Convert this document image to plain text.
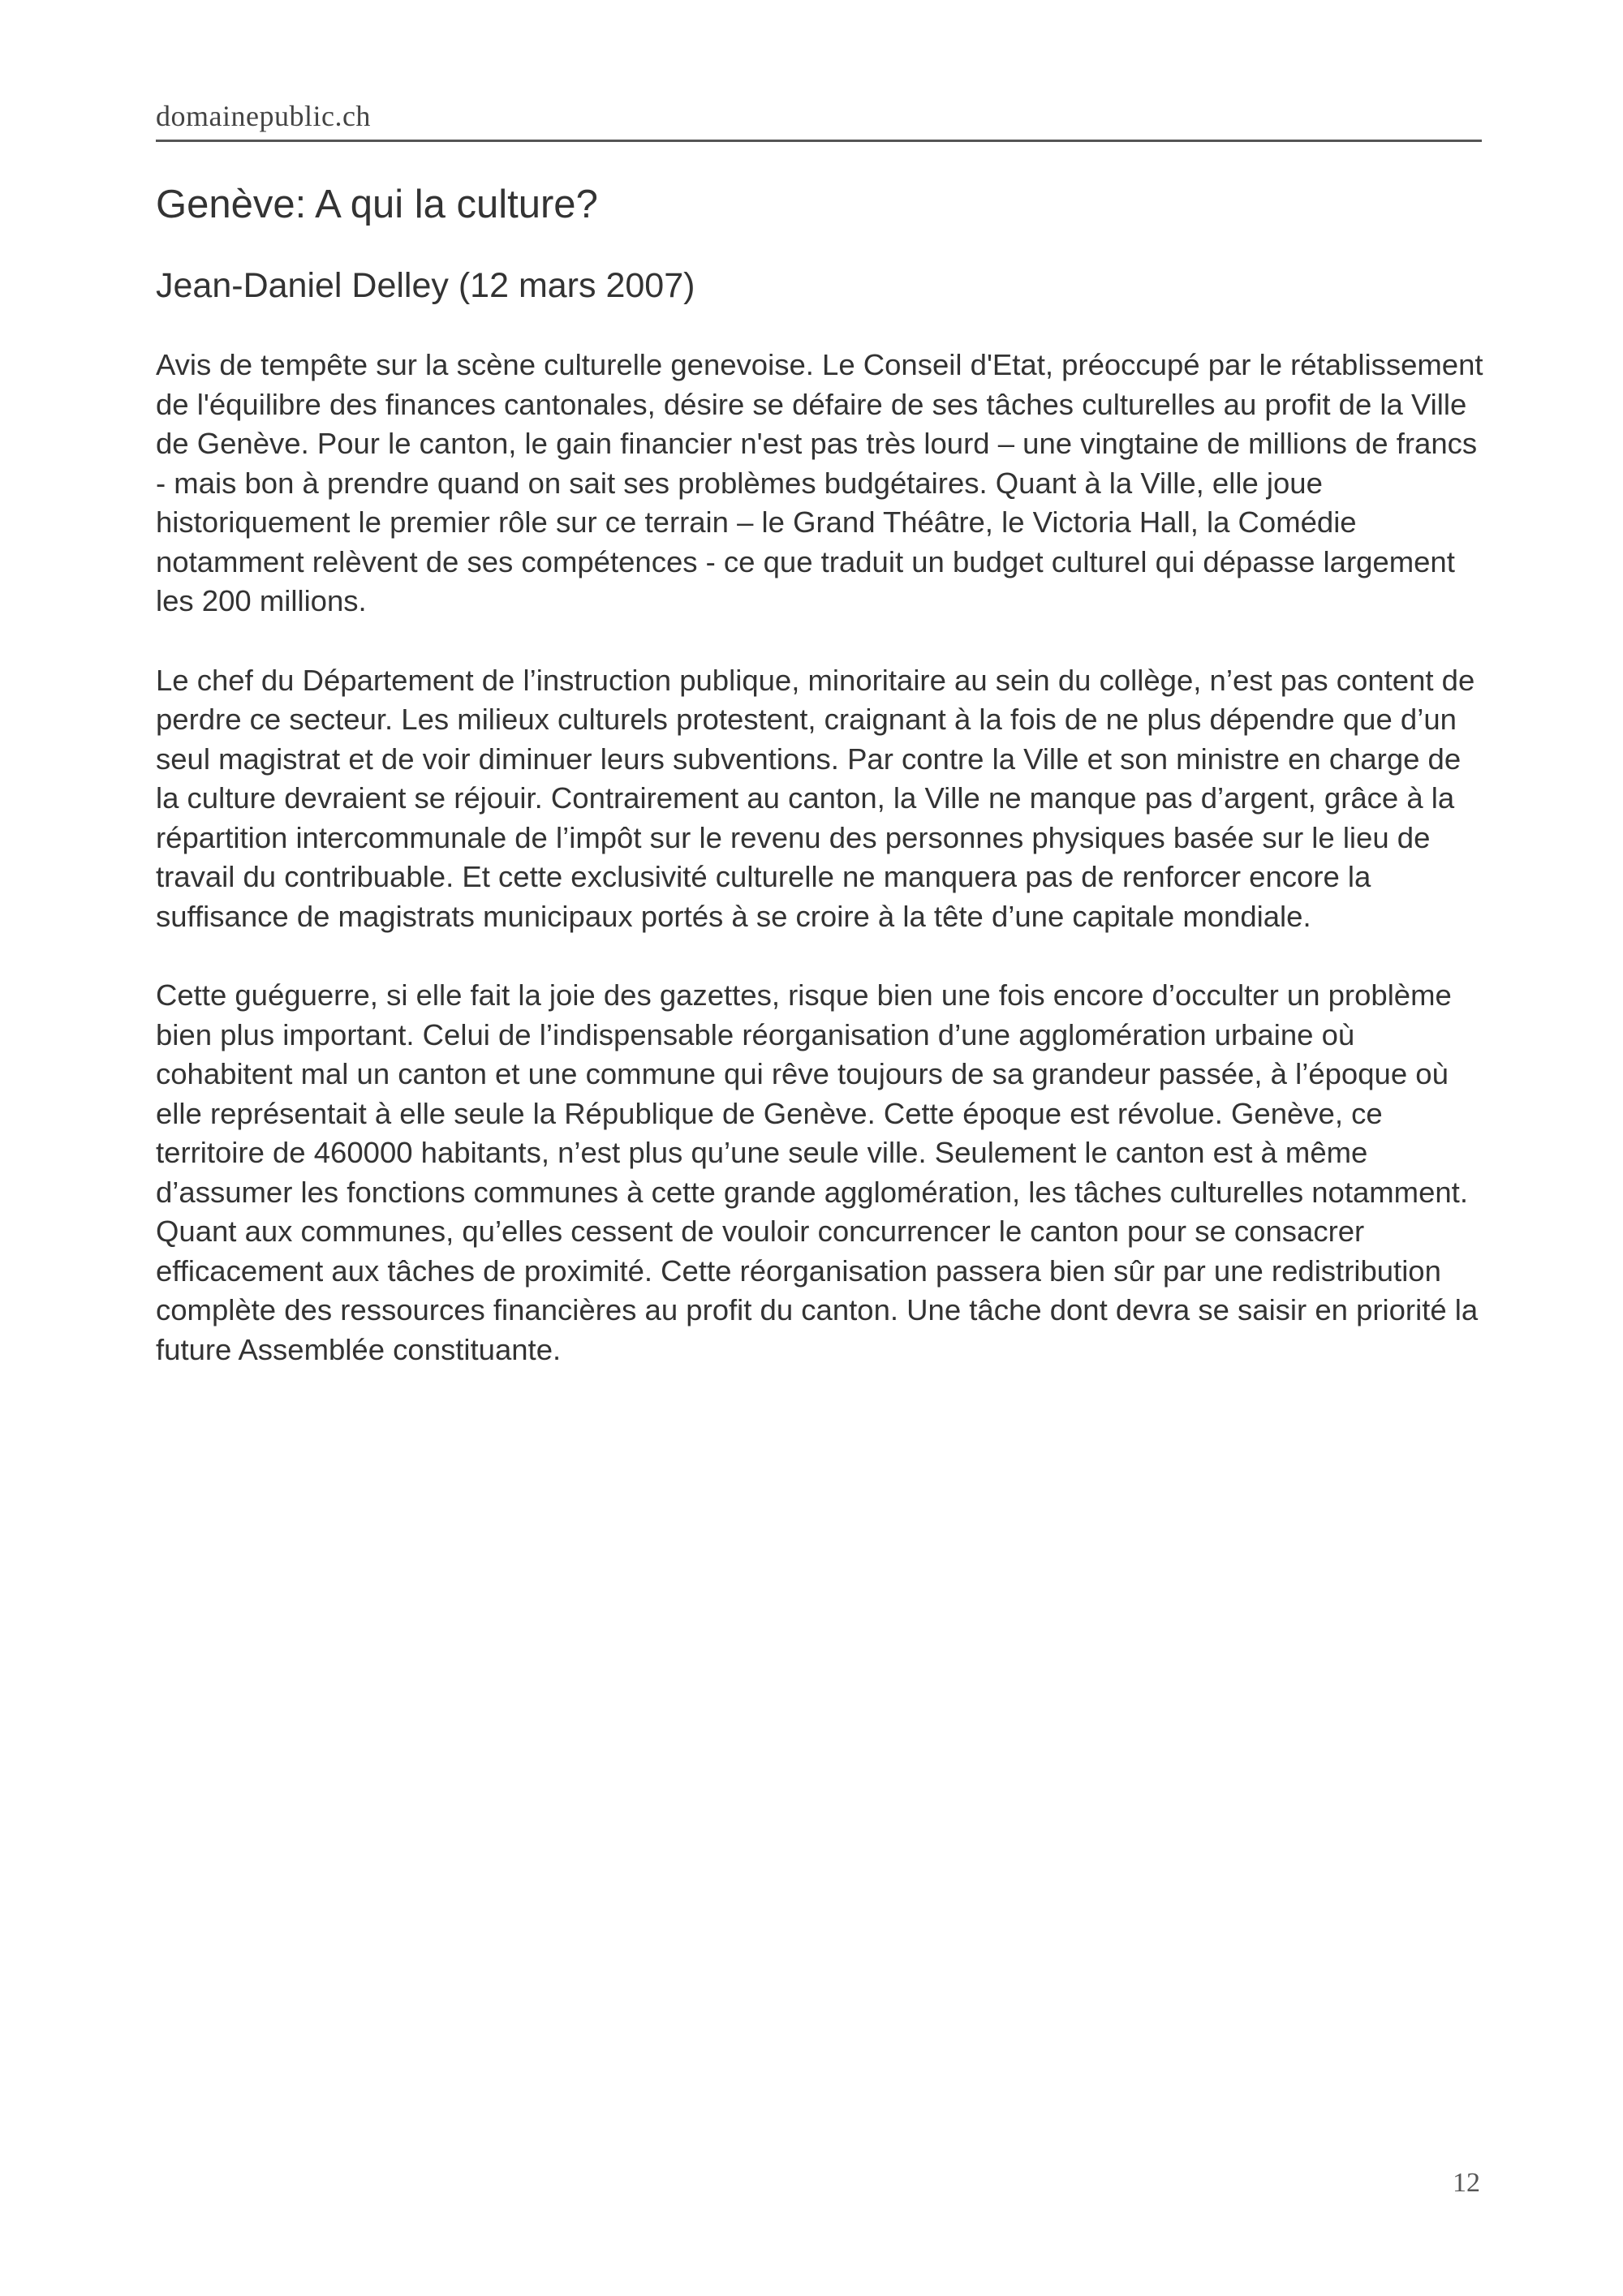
domainepublic.ch
Genève: A qui la culture?

Jean-Daniel Delley (12 mars 2007)

Avis de tempête sur la scène culturelle genevoise. Le Conseil d'Etat, préoccupé par le rétablissement de l'équilibre des finances cantonales, désire se défaire de ses tâches culturelles au profit de la Ville de Genève. Pour le canton, le gain financier n'est pas très lourd – une vingtaine de millions de francs - mais bon à prendre quand on sait ses problèmes budgétaires. Quant à la Ville, elle joue historiquement le premier rôle sur ce terrain – le Grand Théâtre, le Victoria Hall, la Comédie notamment relèvent de ses compétences - ce que traduit un budget culturel qui dépasse largement les 200 millions.

Le chef du Département de l’instruction publique, minoritaire au sein du collège, n’est pas content de perdre ce secteur. Les milieux culturels protestent, craignant à la fois de ne plus dépendre que d’un seul magistrat et de voir diminuer leurs subventions. Par contre la Ville et son ministre en charge de la culture devraient se réjouir. Contrairement au canton, la Ville ne manque pas d’argent, grâce à la répartition intercommunale de l’impôt sur le revenu des personnes physiques basée sur le lieu de travail du contribuable. Et cette exclusivité culturelle ne manquera pas de renforcer encore la suffisance de magistrats municipaux portés à se croire à la tête d’une capitale mondiale.

Cette guéguerre, si elle fait la joie des gazettes, risque bien une fois encore d’occulter un problème bien plus important. Celui de l’indispensable réorganisation d’une agglomération urbaine où cohabitent mal un canton et une commune qui rêve toujours de sa grandeur passée, à l’époque où elle représentait à elle seule la République de Genève. Cette époque est révolue. Genève, ce territoire de 460000 habitants, n’est plus qu’une seule ville. Seulement le canton est à même d’assumer les fonctions communes à cette grande agglomération, les tâches culturelles notamment. Quant aux communes, qu’elles cessent de vouloir concurrencer le canton pour se consacrer efficacement aux tâches de proximité. Cette réorganisation passera bien sûr par une redistribution complète des ressources financières au profit du canton. Une tâche dont devra se saisir en priorité la future Assemblée constituante.

12
